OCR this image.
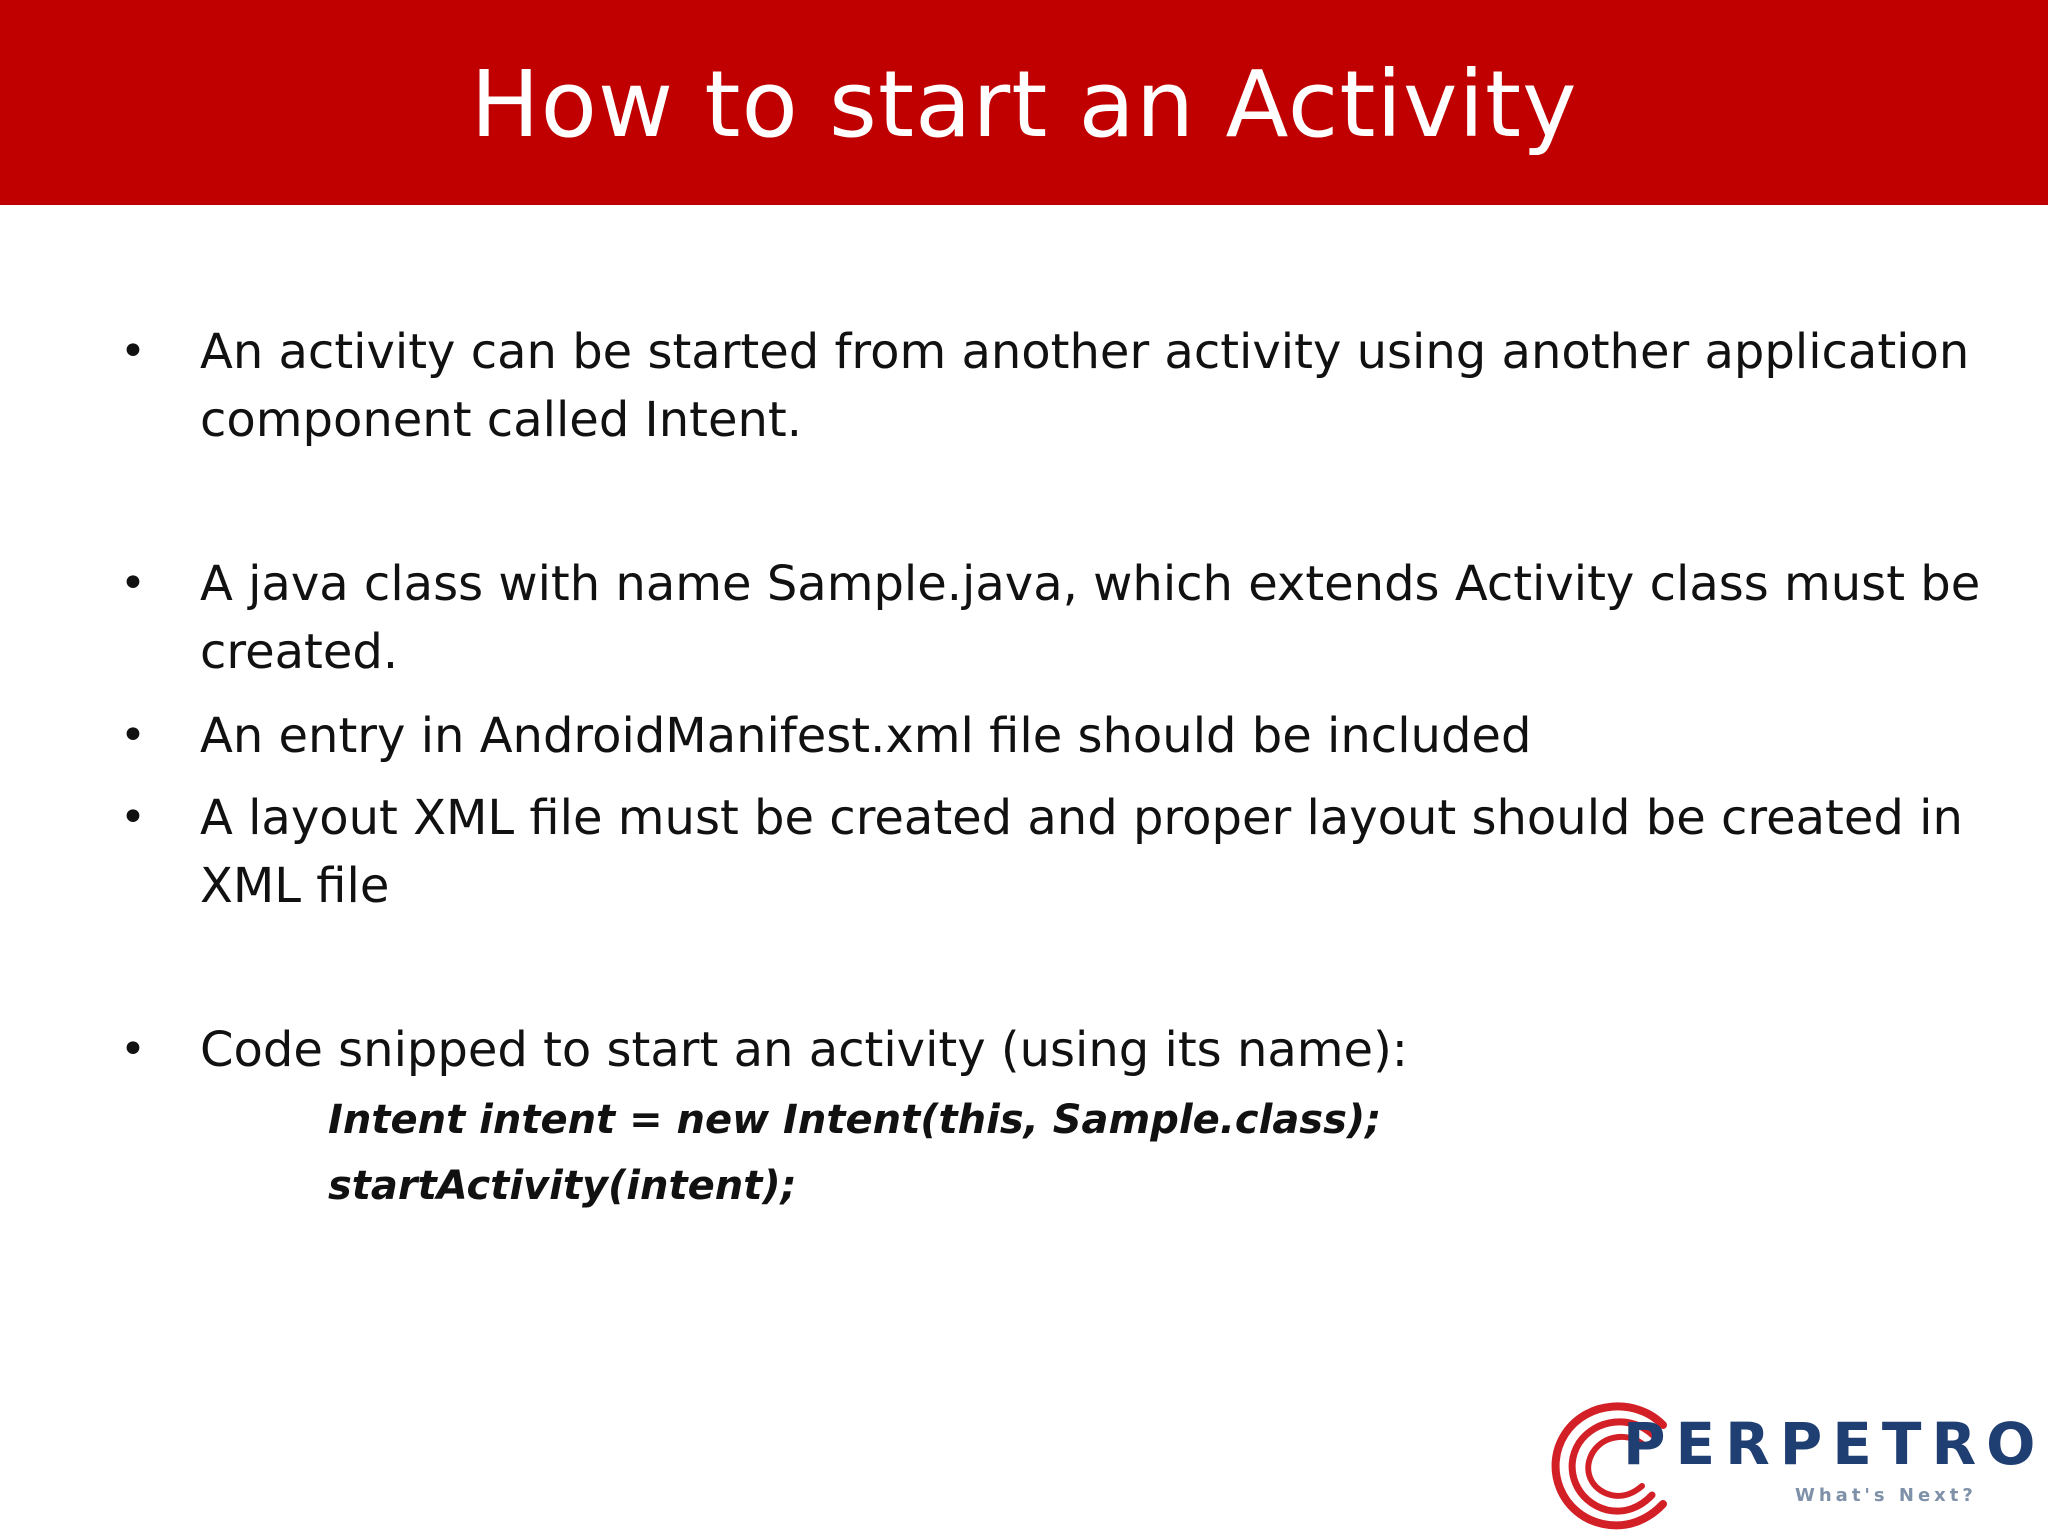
How to start an Activity
•	An activity can be started from another activity using another application component called Intent.
•	A java class with name Sample.java, which extends Activity class must be created.
•	An entry in AndroidManifest.xml file should be included
•	A layout XML file must be created and proper layout should be created in XML file
•	Code snipped to start an activity (using its name):
Intent intent = new Intent(this, Sample.class);
startActivity(intent);
PERPETRO
What's Next?
